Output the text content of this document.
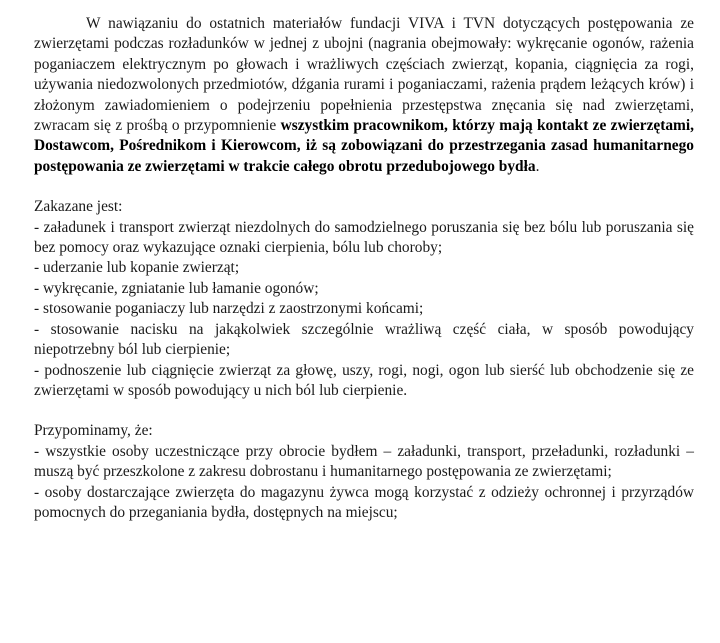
W nawiązaniu do ostatnich materiałów fundacji VIVA i TVN dotyczących postępowania ze zwierzętami podczas rozładunków w jednej z ubojni (nagrania obejmowały: wykręcanie ogonów, rażenia poganiaczem elektrycznym po głowach i wrażliwych częściach zwierząt, kopania, ciągnięcia za rogi, używania niedozwolonych przedmiotów, dźgania rurami i poganiaczami, rażenia prądem leżących krów) i złożonym zawiadomieniem o podejrzeniu popełnienia przestępstwa znęcania się nad zwierzętami, zwracam się z prośbą o przypomnienie wszystkim pracownikom, którzy mają kontakt ze zwierzętami, Dostawcom, Pośrednikom i Kierowcom, iż są zobowiązani do przestrzegania zasad humanitarnego postępowania ze zwierzętami w trakcie całego obrotu przedubojowego bydła.

Zakazane jest:

- załadunek i transport zwierząt niezdolnych do samodzielnego poruszania się bez bólu lub poruszania się bez pomocy oraz wykazujące oznaki cierpienia, bólu lub choroby;
- uderzanie lub kopanie zwierząt;
- wykręcanie, zgniatanie lub łamanie ogonów;
- stosowanie poganiaczy lub narzędzi z zaostrzonymi końcami;
- stosowanie nacisku na jakąkolwiek szczególnie wrażliwą część ciała, w sposób powodujący niepotrzebny ból lub cierpienie;
- podnoszenie lub ciągnięcie zwierząt za głowę, uszy, rogi, nogi, ogon lub sierść lub obchodzenie się ze zwierzętami w sposób powodujący u nich ból lub cierpienie.

Przypominamy, że:

- wszystkie osoby uczestniczące przy obrocie bydłem – załadunki, transport, przeładunki, rozładunki – muszą być przeszkolone z zakresu dobrostanu i humanitarnego postępowania ze zwierzętami;
- osoby dostarczające zwierzęta do magazynu żywca mogą korzystać z odzieży ochronnej i przyrządów pomocnych do przeganiania bydła, dostępnych na miejscu;
